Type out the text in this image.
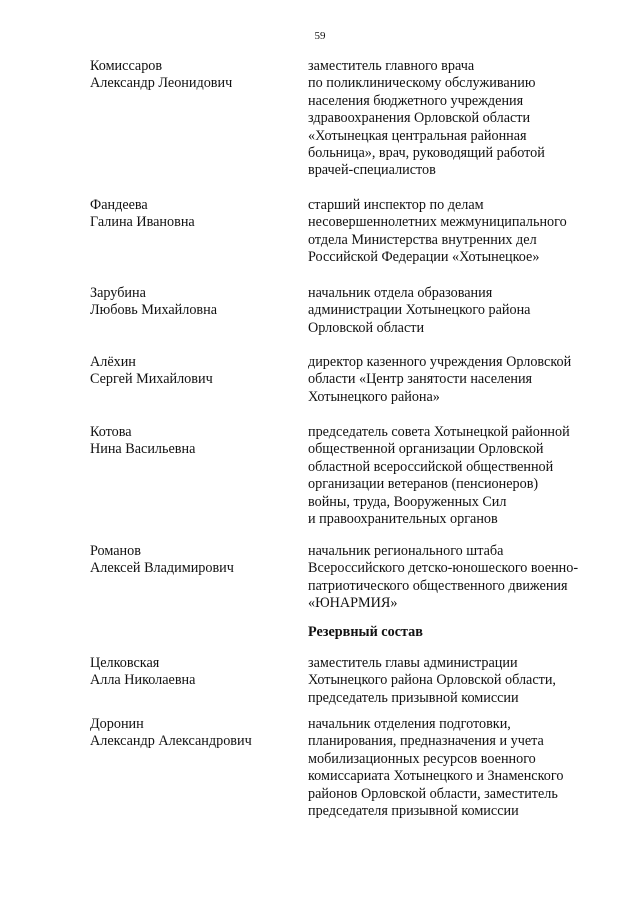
59
Комиссаров
Александр Леонидович
заместитель главного врача
по поликлиническому обслуживанию
населения бюджетного учреждения
здравоохранения Орловской области
«Хотынецкая центральная районная
больница», врач, руководящий работой
врачей-специалистов
Фандеева
Галина Ивановна
старший инспектор по делам
несовершеннолетних межмуниципального
отдела Министерства внутренних дел
Российской Федерации «Хотынецкое»
Зарубина
Любовь Михайловна
начальник отдела образования
администрации Хотынецкого района
Орловской области
Алёхин
Сергей Михайлович
директор казенного учреждения Орловской
области «Центр занятости населения
Хотынецкого района»
Котова
Нина Васильевна
председатель совета Хотынецкой районной
общественной организации Орловской
областной всероссийской общественной
организации ветеранов (пенсионеров)
войны, труда, Вооруженных Сил
и правоохранительных органов
Романов
Алексей Владимирович
начальник регионального штаба
Всероссийского детско-юношеского военно-
патриотического общественного движения
«ЮНАРМИЯ»
Резервный состав
Целковская
Алла Николаевна
заместитель главы администрации
Хотынецкого района Орловской области,
председатель призывной комиссии
Доронин
Александр Александрович
начальник отделения подготовки,
планирования, предназначения и учета
мобилизационных ресурсов военного
комиссариата Хотынецкого и Знаменского
районов Орловской области, заместитель
председателя призывной комиссии
